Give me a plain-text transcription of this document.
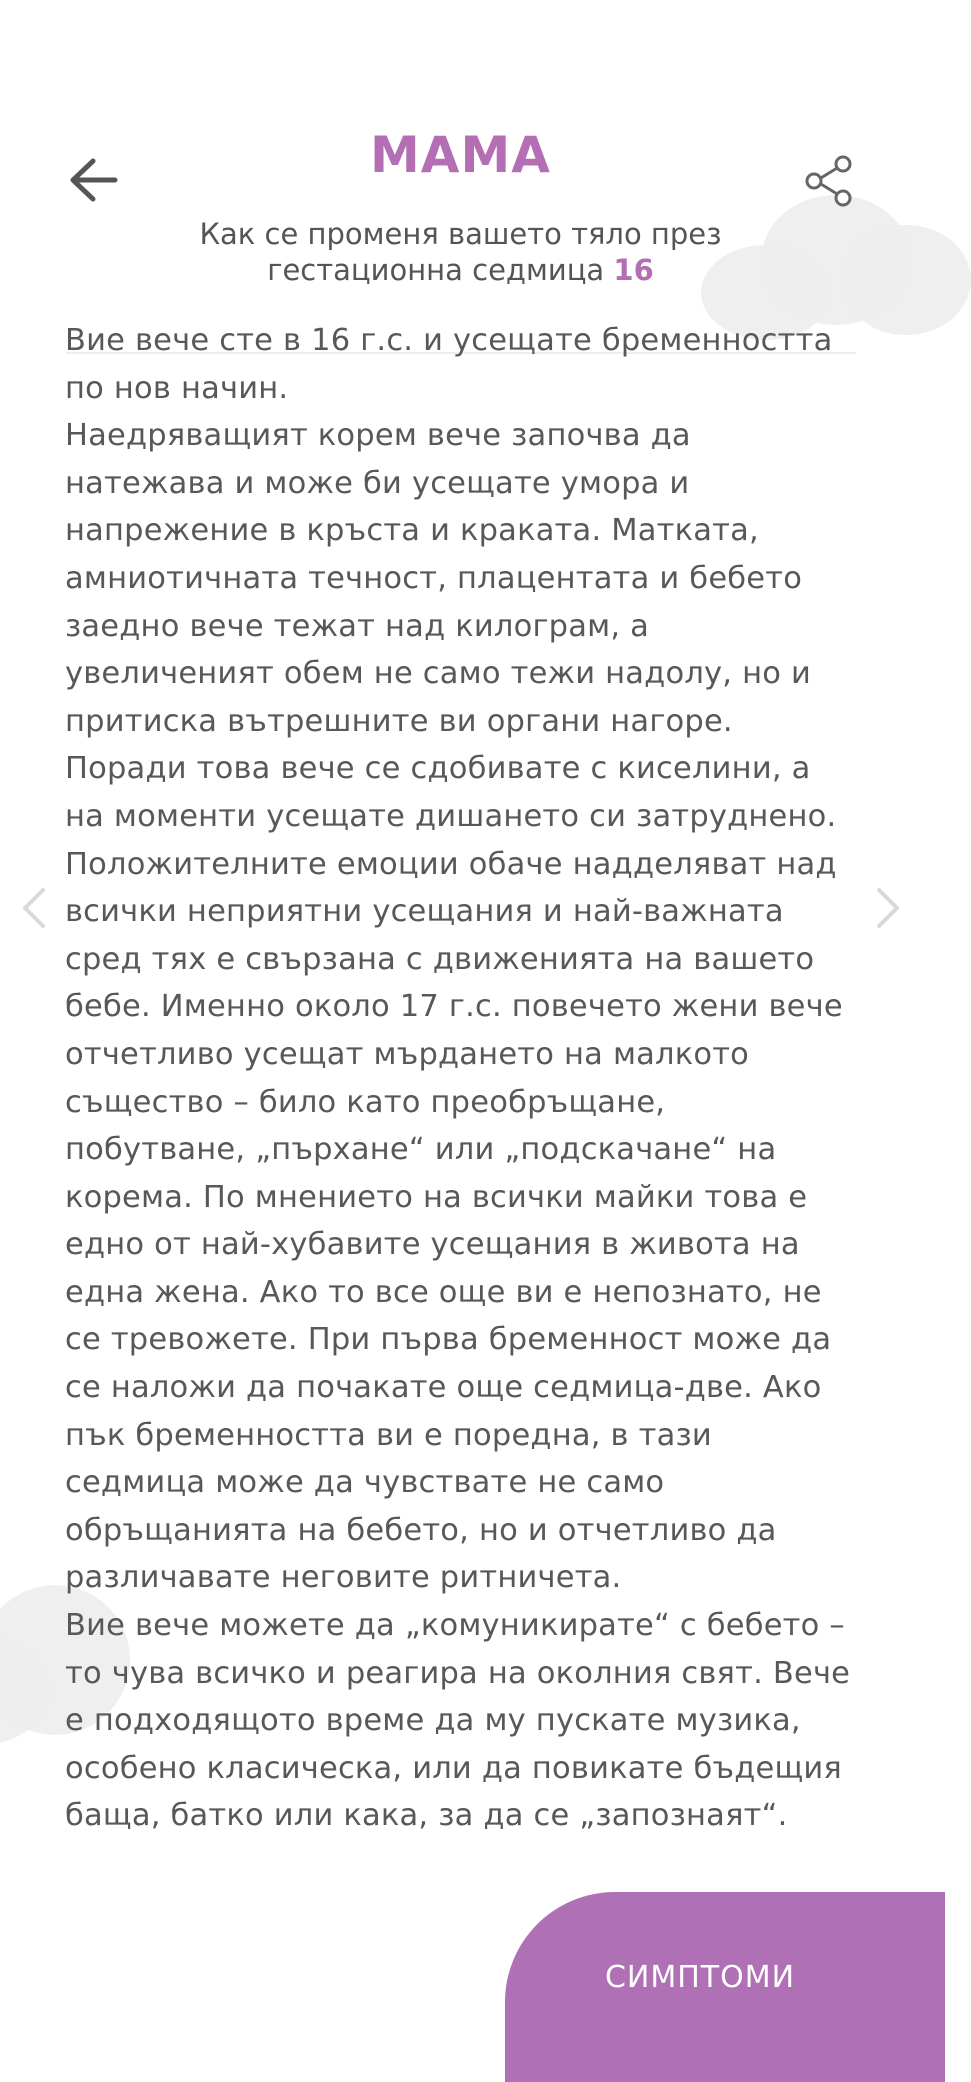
МАМА
Как се променя вашето тяло през гестационна седмица 16

Вие вече сте в 16 г.с. и усещате бременността по нов начин.

Наедряващият корем вече започва да натежава и може би усещате умора и напрежение в кръста и краката. Матката, амниотичната течност, плацентата и бебето заедно вече тежат над килограм, а увеличеният обем не само тежи надолу, но и притиска вътрешните ви органи нагоре. Поради това вече се сдобивате с киселини, а на моменти усещате дишането си затруднено.

Положителните емоции обаче надделяват над всички неприятни усещания и най-важната сред тях е свързана с движенията на вашето бебе. Именно около 17 г.с. повечето жени вече отчетливо усещат мърдането на малкото същество – било като преобръщане, побутване, „пърхане“ или „подскачане“ на корема. По мнението на всички майки това е едно от най-хубавите усещания в живота на една жена. Ако то все още ви е непознато, не се тревожете. При първа бременност може да се наложи да почакате още седмица-две. Ако пък бременността ви е поредна, в тази седмица може да чувствате не само обръщанията на бебето, но и отчетливо да различавате неговите ритничета.

Вие вече можете да „комуникирате“ с бебето – то чува всичко и реагира на околния свят. Вече е подходящото време да му пускате музика, особено класическа, или да повикате бъдещия баща, батко или кака, за да се „запознаят“.

СИМПТОМИ
